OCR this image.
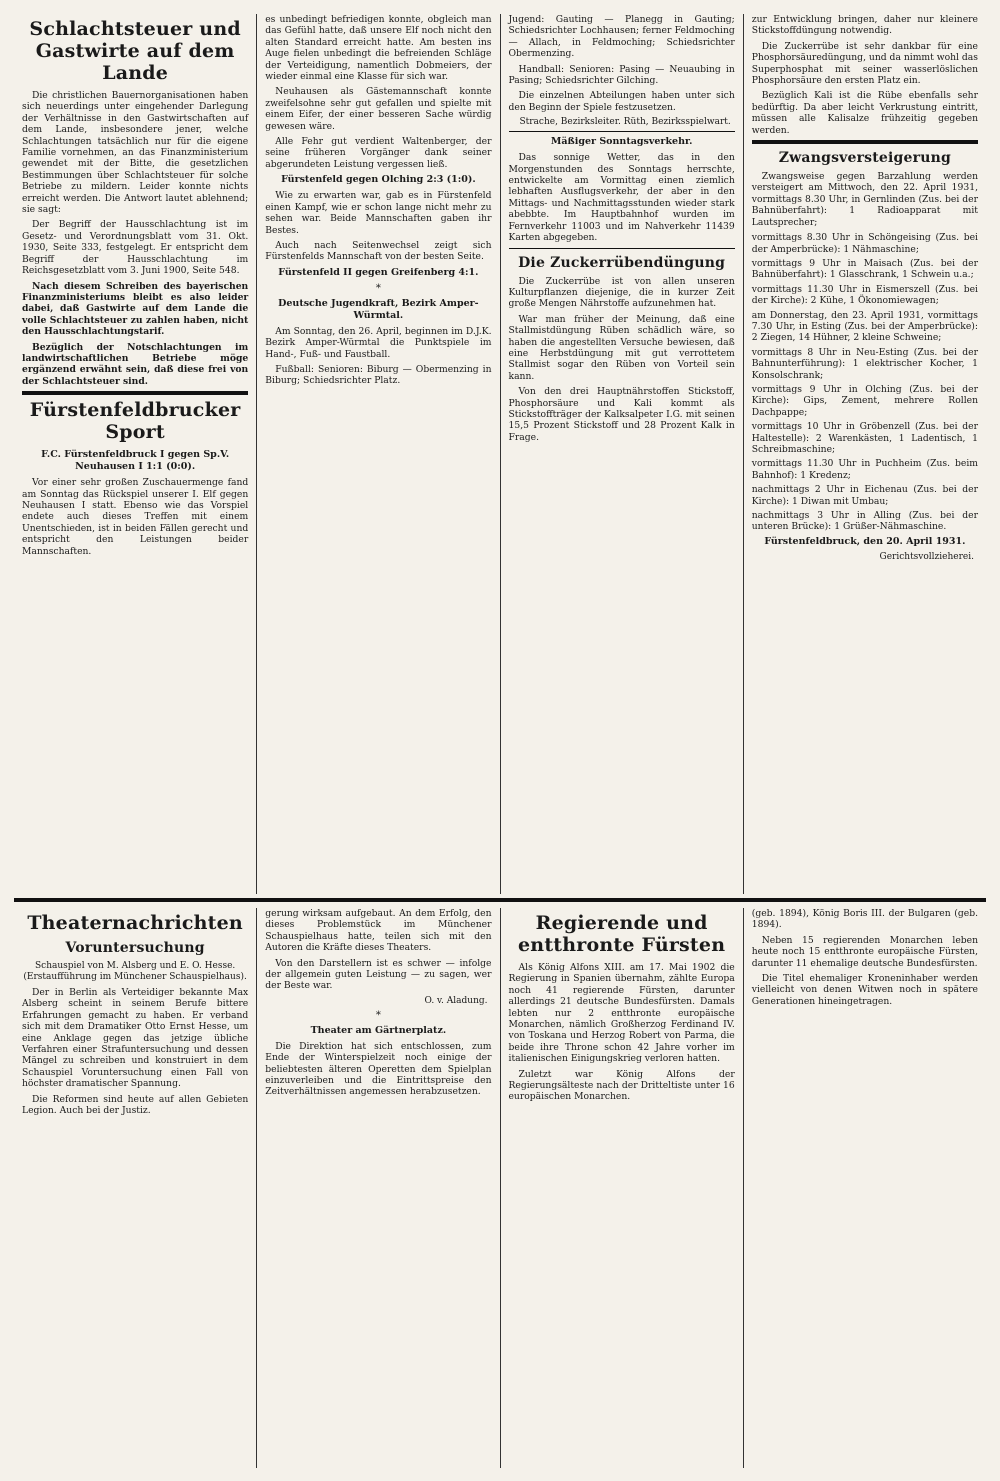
Schlachtsteuer und Gastwirte auf dem Lande

Die christlichen Bauernorganisationen haben sich neuerdings unter eingehender Darlegung der Verhältnisse in den Gastwirtschaften auf dem Lande, insbesondere jener, welche Schlachtungen tatsächlich nur für die eigene Familie vornehmen, an das Finanzministerium gewendet mit der Bitte, die gesetzlichen Bestimmungen über Schlachtsteuer für solche Betriebe zu mildern. Leider konnte nichts erreicht werden. Die Antwort lautet ablehnend; sie sagt:

Der Begriff der Hausschlachtung ist im Gesetz- und Verordnungsblatt vom 31. Okt. 1930, Seite 333, festgelegt. Er entspricht dem Begriff der Hausschlachtung im Reichsgesetzblatt vom 3. Juni 1900, Seite 548.

Nach diesem Schreiben des bayerischen Finanzministeriums bleibt es also leider dabei, daß Gastwirte auf dem Lande die volle Schlachtsteuer zu zahlen haben, nicht den Hausschlachtungstarif.

Bezüglich der Notschlachtungen im landwirtschaftlichen Betriebe möge ergänzend erwähnt sein, daß diese frei von der Schlachtsteuer sind.

Fürstenfeldbrucker Sport
F.C. Fürstenfeldbruck I gegen Sp.V. Neuhausen I 1:1 (0:0).

Vor einer sehr großen Zuschauermenge fand am Sonntag das Rückspiel unserer I. Elf gegen Neuhausen I statt. Ebenso wie das Vorspiel endete auch dieses Treffen mit einem Unentschieden, ist in beiden Fällen gerecht und entspricht den Leistungen beider Mannschaften.

es unbedingt befriedigen konnte, obgleich man das Gefühl hatte, daß unsere Elf noch nicht den alten Standard erreicht hatte. Am besten ins Auge fielen unbedingt die befreienden Schläge der Verteidigung, namentlich Dobmeiers, der wieder einmal eine Klasse für sich war.

Neuhausen als Gästemannschaft konnte zweifelsohne sehr gut gefallen und spielte mit einem Eifer, der einer besseren Sache würdig gewesen wäre.

Alle Fehr gut verdient Waltenberger, der seine früheren Vorgänger dank seiner abgerundeten Leistung vergessen ließ.

Fürstenfeld gegen Olching 2:3 (1:0).

Wie zu erwarten war, gab es in Fürstenfeld einen Kampf, wie er schon lange nicht mehr zu sehen war. Beide Mannschaften gaben ihr Bestes.

Auch nach Seitenwechsel zeigt sich Fürstenfelds Mannschaft von der besten Seite.

Fürstenfeld II gegen Greifenberg 4:1.
*
Deutsche Jugendkraft, Bezirk Amper-Würmtal.

Am Sonntag, den 26. April, beginnen im D.J.K. Bezirk Amper-Würmtal die Punktspiele im Hand-, Fuß- und Faustball.

Fußball: Senioren: Biburg — Obermenzing in Biburg; Schiedsrichter Platz.

Jugend: Gauting — Planegg in Gauting; Schiedsrichter Lochhausen; ferner Feldmoching — Allach, in Feldmoching; Schiedsrichter Obermenzing.

Handball: Senioren: Pasing — Neuaubing in Pasing; Schiedsrichter Gilching.

Die einzelnen Abteilungen haben unter sich den Beginn der Spiele festzusetzen.

Strache, Bezirksleiter. Rüth, Bezirksspielwart.
Mäßiger Sonntagsverkehr.

Das sonnige Wetter, das in den Morgenstunden des Sonntags herrschte, entwickelte am Vormittag einen ziemlich lebhaften Ausflugsverkehr, der aber in den Mittags- und Nachmittagsstunden wieder stark abebbte. Im Hauptbahnhof wurden im Fernverkehr 11003 und im Nahverkehr 11439 Karten abgegeben.

Die Zuckerrübendüngung

Die Zuckerrübe ist von allen unseren Kulturpflanzen diejenige, die in kurzer Zeit große Mengen Nährstoffe aufzunehmen hat.

War man früher der Meinung, daß eine Stallmistdüngung Rüben schädlich wäre, so haben die angestellten Versuche bewiesen, daß eine Herbstdüngung mit gut verrottetem Stallmist sogar den Rüben von Vorteil sein kann.

Von den drei Hauptnährstoffen Stickstoff, Phosphorsäure und Kali kommt als Stickstoffträger der Kalksalpeter I.G. mit seinen 15,5 Prozent Stickstoff und 28 Prozent Kalk in Frage.

zur Entwicklung bringen, daher nur kleinere Stickstoffdüngung notwendig.

Die Zuckerrübe ist sehr dankbar für eine Phosphorsäuredüngung, und da nimmt wohl das Superphosphat mit seiner wasserlöslichen Phosphorsäure den ersten Platz ein.

Bezüglich Kali ist die Rübe ebenfalls sehr bedürftig. Da aber leicht Verkrustung eintritt, müssen alle Kalisalze frühzeitig gegeben werden.

Zwangsversteigerung

Zwangsweise gegen Barzahlung werden versteigert am Mittwoch, den 22. April 1931, vormittags 8.30 Uhr, in Gernlinden (Zus. bei der Bahnüberfahrt): 1 Radioapparat mit Lautsprecher;

vormittags 8.30 Uhr in Schöngeising (Zus. bei der Amperbrücke): 1 Nähmaschine;
vormittags 9 Uhr in Maisach (Zus. bei der Bahnüberfahrt): 1 Glasschrank, 1 Schwein u.a.;
vormittags 11.30 Uhr in Eismerszell (Zus. bei der Kirche): 2 Kühe, 1 Ökonomiewagen;
am Donnerstag, den 23. April 1931, vormittags 7.30 Uhr, in Esting (Zus. bei der Amperbrücke): 2 Ziegen, 14 Hühner, 2 kleine Schweine;
vormittags 8 Uhr in Neu-Esting (Zus. bei der Bahnunterführung): 1 elektrischer Kocher, 1 Konsolschrank;
vormittags 9 Uhr in Olching (Zus. bei der Kirche): Gips, Zement, mehrere Rollen Dachpappe;
vormittags 10 Uhr in Gröbenzell (Zus. bei der Haltestelle): 2 Warenkästen, 1 Ladentisch, 1 Schreibmaschine;
vormittags 11.30 Uhr in Puchheim (Zus. beim Bahnhof): 1 Kredenz;
nachmittags 2 Uhr in Eichenau (Zus. bei der Kirche): 1 Diwan mit Umbau;
nachmittags 3 Uhr in Alling (Zus. bei der unteren Brücke): 1 Grüßer-Nähmaschine.
Fürstenfeldbruck, den 20. April 1931.
Gerichtsvollzieherei.
Theaternachrichten
Voruntersuchung
Schauspiel von M. Alsberg und E. O. Hesse. (Erstaufführung im Münchener Schauspielhaus).

Der in Berlin als Verteidiger bekannte Max Alsberg scheint in seinem Berufe bittere Erfahrungen gemacht zu haben. Er verband sich mit dem Dramatiker Otto Ernst Hesse, um eine Anklage gegen das jetzige übliche Verfahren einer Strafuntersuchung und dessen Mängel zu schreiben und konstruiert in dem Schauspiel Voruntersuchung einen Fall von höchster dramatischer Spannung.

Die Reformen sind heute auf allen Gebieten Legion. Auch bei der Justiz.

gerung wirksam aufgebaut. An dem Erfolg, den dieses Problemstück im Münchener Schauspielhaus hatte, teilen sich mit den Autoren die Kräfte dieses Theaters.

Von den Darstellern ist es schwer — infolge der allgemein guten Leistung — zu sagen, wer der Beste war.

O. v. Aladung.
*
Theater am Gärtnerplatz.

Die Direktion hat sich entschlossen, zum Ende der Winterspielzeit noch einige der beliebtesten älteren Operetten dem Spielplan einzuverleiben und die Eintrittspreise den Zeitverhältnissen angemessen herabzusetzen.

Regierende und entthronte Fürsten

Als König Alfons XIII. am 17. Mai 1902 die Regierung in Spanien übernahm, zählte Europa noch 41 regierende Fürsten, darunter allerdings 21 deutsche Bundesfürsten. Damals lebten nur 2 entthronte europäische Monarchen, nämlich Großherzog Ferdinand IV. von Toskana und Herzog Robert von Parma, die beide ihre Throne schon 42 Jahre vorher im italienischen Einigungskrieg verloren hatten.

Zuletzt war König Alfons der Regierungsälteste nach der Dritteltiste unter 16 europäischen Monarchen.

(geb. 1894), König Boris III. der Bulgaren (geb. 1894).

Neben 15 regierenden Monarchen leben heute noch 15 entthronte europäische Fürsten, darunter 11 ehemalige deutsche Bundesfürsten.

Die Titel ehemaliger Kroneninhaber werden vielleicht von denen Witwen noch in spätere Generationen hineingetragen.
